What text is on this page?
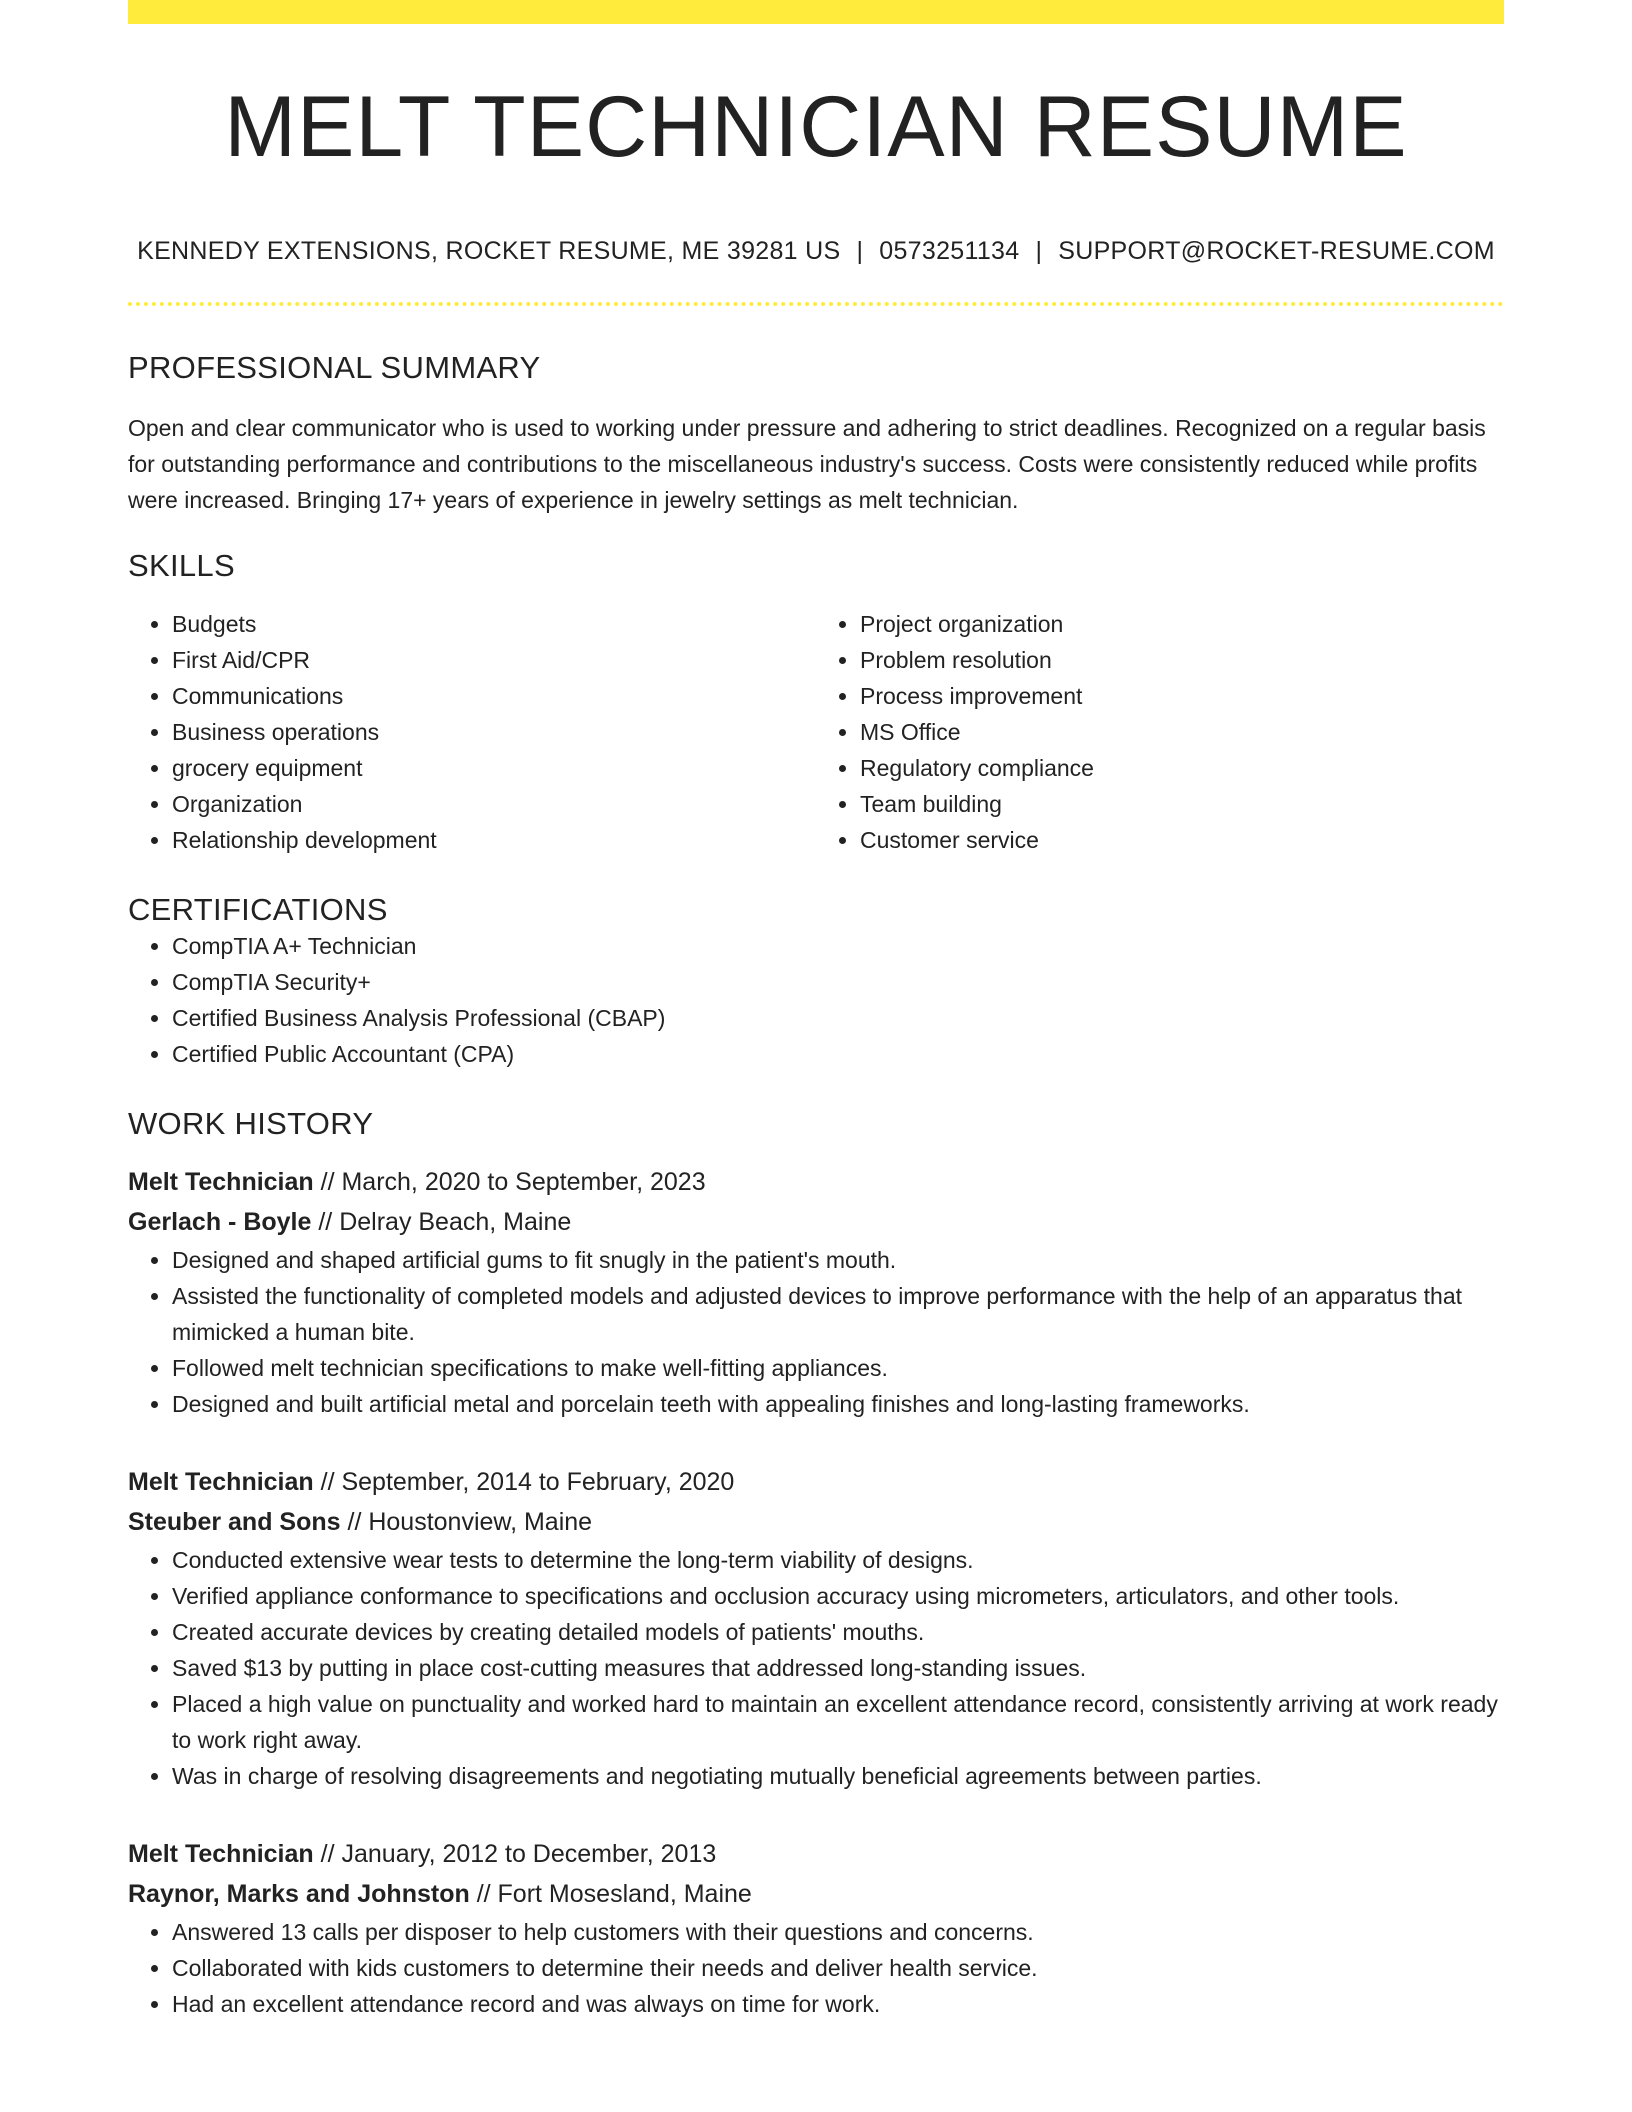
MELT TECHNICIAN RESUME
KENNEDY EXTENSIONS, ROCKET RESUME, ME 39281 US | 0573251134 | SUPPORT@ROCKET-RESUME.COM
PROFESSIONAL SUMMARY
Open and clear communicator who is used to working under pressure and adhering to strict deadlines. Recognized on a regular basis for outstanding performance and contributions to the miscellaneous industry's success. Costs were consistently reduced while profits were increased. Bringing 17+ years of experience in jewelry settings as melt technician.
SKILLS
• Budgets
• First Aid/CPR
• Communications
• Business operations
• grocery equipment
• Organization
• Relationship development
• Project organization
• Problem resolution
• Process improvement
• MS Office
• Regulatory compliance
• Team building
• Customer service
CERTIFICATIONS
• CompTIA A+ Technician
• CompTIA Security+
• Certified Business Analysis Professional (CBAP)
• Certified Public Accountant (CPA)
WORK HISTORY
Melt Technician // March, 2020 to September, 2023
Gerlach - Boyle // Delray Beach, Maine
• Designed and shaped artificial gums to fit snugly in the patient's mouth.
• Assisted the functionality of completed models and adjusted devices to improve performance with the help of an apparatus that mimicked a human bite.
• Followed melt technician specifications to make well-fitting appliances.
• Designed and built artificial metal and porcelain teeth with appealing finishes and long-lasting frameworks.
Melt Technician // September, 2014 to February, 2020
Steuber and Sons // Houstonview, Maine
• Conducted extensive wear tests to determine the long-term viability of designs.
• Verified appliance conformance to specifications and occlusion accuracy using micrometers, articulators, and other tools.
• Created accurate devices by creating detailed models of patients' mouths.
• Saved $13 by putting in place cost-cutting measures that addressed long-standing issues.
• Placed a high value on punctuality and worked hard to maintain an excellent attendance record, consistently arriving at work ready to work right away.
• Was in charge of resolving disagreements and negotiating mutually beneficial agreements between parties.
Melt Technician // January, 2012 to December, 2013
Raynor, Marks and Johnston // Fort Mosesland, Maine
• Answered 13 calls per disposer to help customers with their questions and concerns.
• Collaborated with kids customers to determine their needs and deliver health service.
• Had an excellent attendance record and was always on time for work.
